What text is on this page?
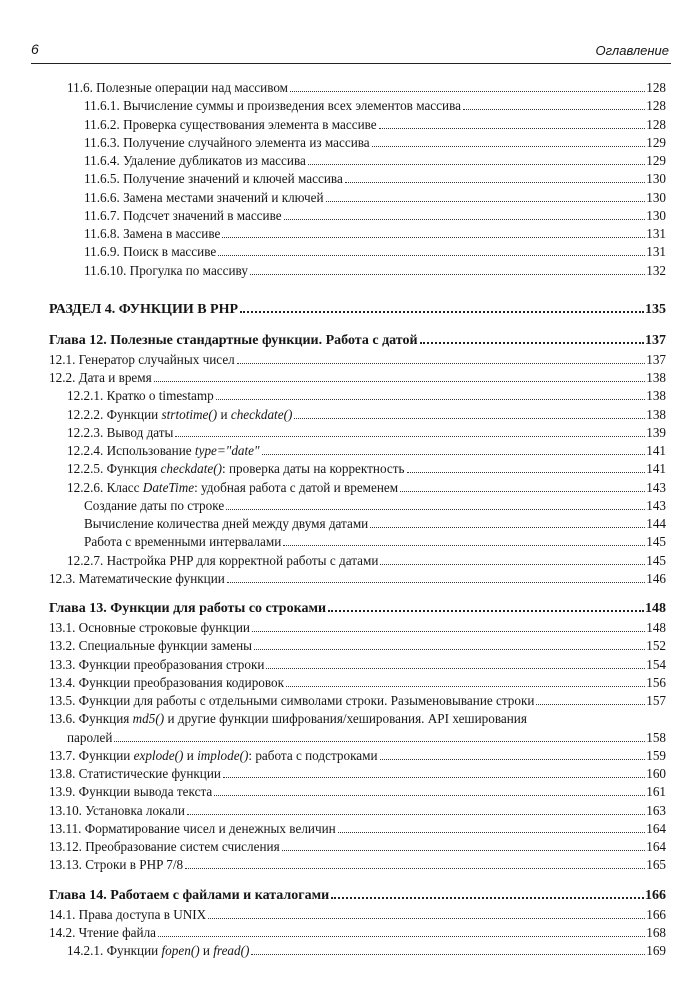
6	Оглавление
11.6. Полезные операции над массивом	128
11.6.1. Вычисление суммы и произведения всех элементов массива	128
11.6.2. Проверка существования элемента в массиве	128
11.6.3. Получение случайного элемента из массива	129
11.6.4. Удаление дубликатов из массива	129
11.6.5. Получение значений и ключей массива	130
11.6.6. Замена местами значений и ключей	130
11.6.7. Подсчет значений в массиве	130
11.6.8. Замена в массиве	131
11.6.9. Поиск в массиве	131
11.6.10. Прогулка по массиву	132
РАЗДЕЛ 4. ФУНКЦИИ В PHP	135
Глава 12. Полезные стандартные функции. Работа с датой	137
12.1. Генератор случайных чисел	137
12.2. Дата и время	138
12.2.1. Кратко о timestamp	138
12.2.2. Функции strtotime() и checkdate()	138
12.2.3. Вывод даты	139
12.2.4. Использование type="date"	141
12.2.5. Функция checkdate(): проверка даты на корректность	141
12.2.6. Класс DateTime: удобная работа с датой и временем	143
Создание даты по строке	143
Вычисление количества дней между двумя датами	144
Работа с временными интервалами	145
12.2.7. Настройка PHP для корректной работы с датами	145
12.3. Математические функции	146
Глава 13. Функции для работы со строками	148
13.1. Основные строковые функции	148
13.2. Специальные функции замены	152
13.3. Функции преобразования строки	154
13.4. Функции преобразования кодировок	156
13.5. Функции для работы с отдельными символами строки. Разыменовывание строки	157
13.6. Функция md5() и другие функции шифрования/хеширования. API хеширования
паролей	158
13.7. Функции explode() и implode(): работа с подстроками	159
13.8. Статистические функции	160
13.9. Функции вывода текста	161
13.10. Установка локали	163
13.11. Форматирование чисел и денежных величин	164
13.12. Преобразование систем счисления	164
13.13. Строки в PHP 7/8	165
Глава 14. Работаем с файлами и каталогами	166
14.1. Права доступа в UNIX	166
14.2. Чтение файла	168
14.2.1. Функции fopen() и fread()	169
